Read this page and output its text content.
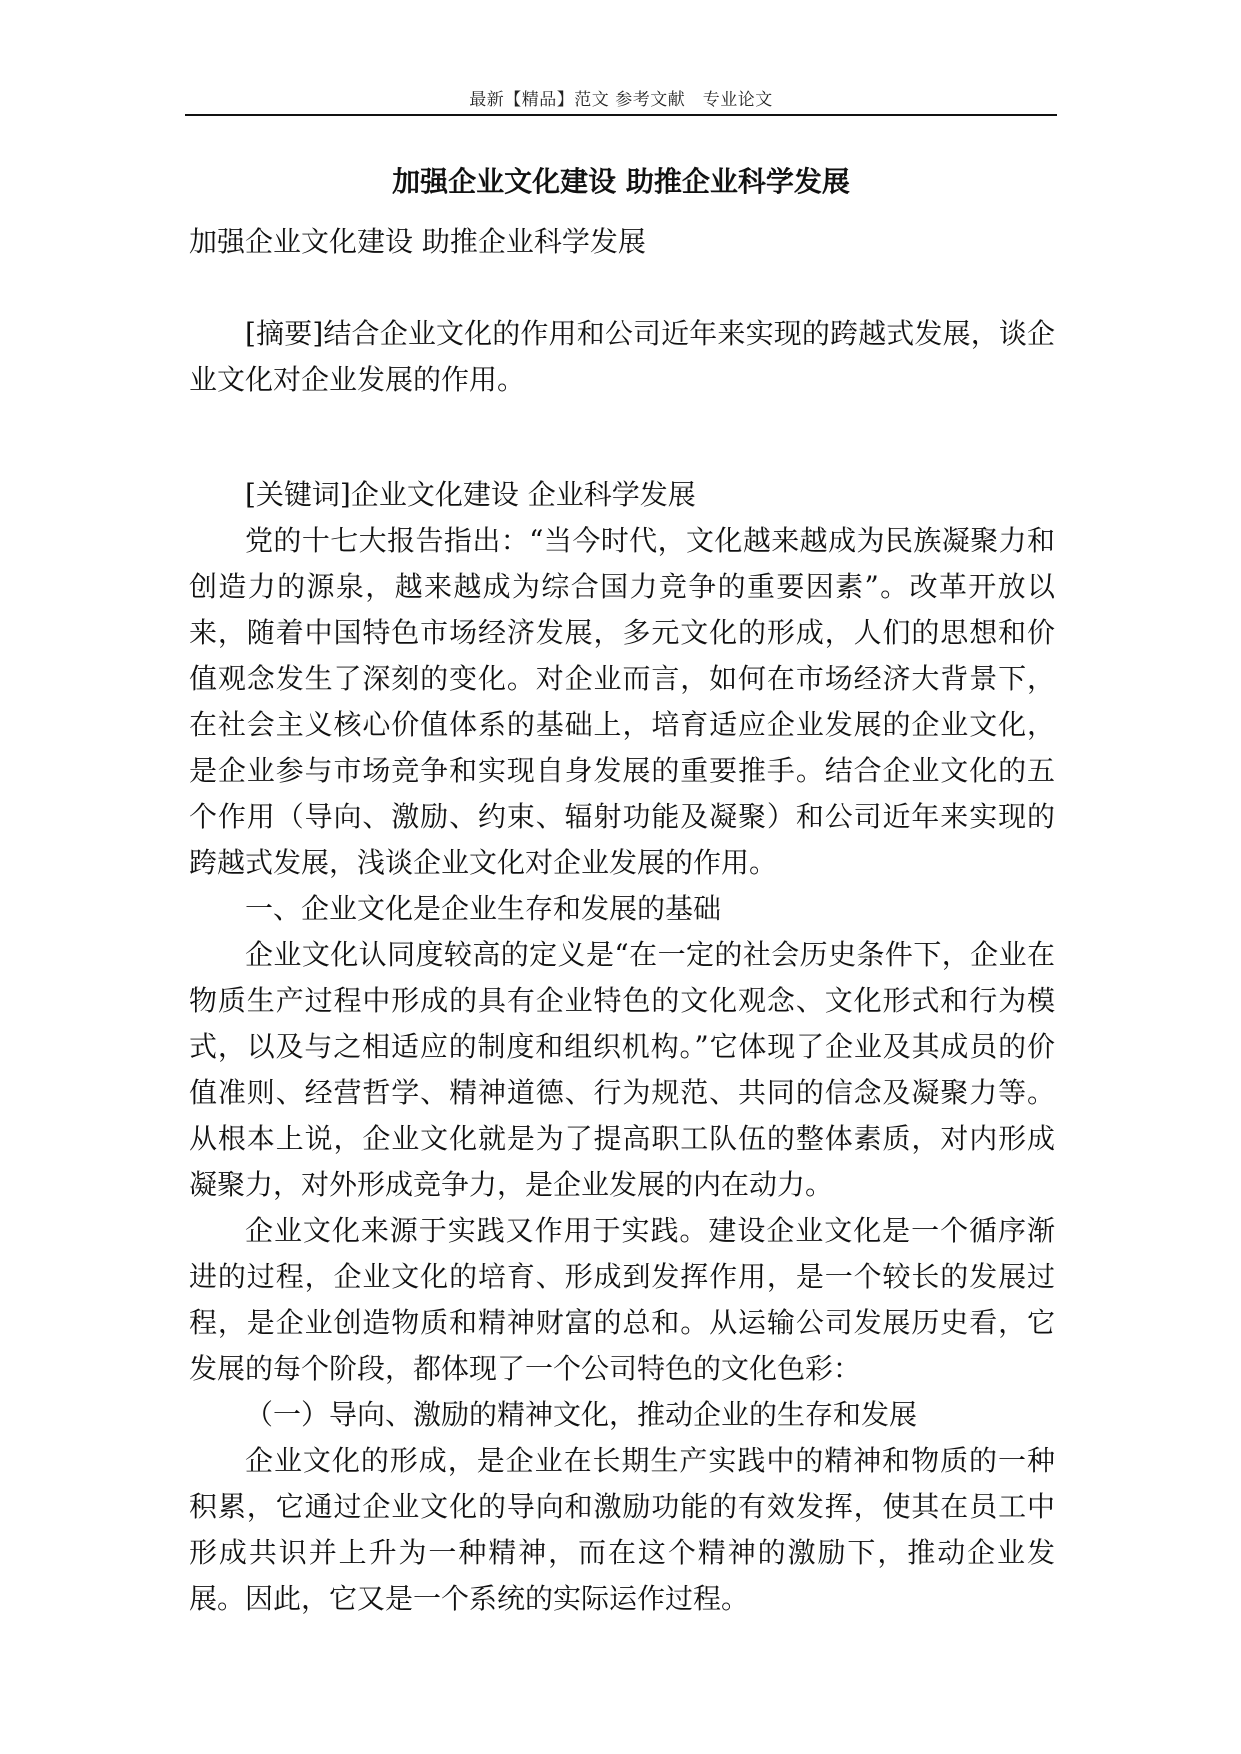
最新【精品】范文 参考文献　专业论文
加强企业文化建设 助推企业科学发展

加强企业文化建设 助推企业科学发展

[摘要]结合企业文化的作用和公司近年来实现的跨越式发展，谈企业文化对企业发展的作用。

[关键词]企业文化建设 企业科学发展

党的十七大报告指出：“当今时代，文化越来越成为民族凝聚力和创造力的源泉，越来越成为综合国力竞争的重要因素”。改革开放以来，随着中国特色市场经济发展，多元文化的形成，人们的思想和价值观念发生了深刻的变化。对企业而言，如何在市场经济大背景下，在社会主义核心价值体系的基础上，培育适应企业发展的企业文化，是企业参与市场竞争和实现自身发展的重要推手。结合企业文化的五个作用（导向、激励、约束、辐射功能及凝聚）和公司近年来实现的跨越式发展，浅谈企业文化对企业发展的作用。

一、企业文化是企业生存和发展的基础

企业文化认同度较高的定义是“在一定的社会历史条件下，企业在物质生产过程中形成的具有企业特色的文化观念、文化形式和行为模式，以及与之相适应的制度和组织机构。”它体现了企业及其成员的价值准则、经营哲学、精神道德、行为规范、共同的信念及凝聚力等。从根本上说，企业文化就是为了提高职工队伍的整体素质，对内形成凝聚力，对外形成竞争力，是企业发展的内在动力。

企业文化来源于实践又作用于实践。建设企业文化是一个循序渐进的过程，企业文化的培育、形成到发挥作用，是一个较长的发展过程，是企业创造物质和精神财富的总和。从运输公司发展历史看，它发展的每个阶段，都体现了一个公司特色的文化色彩：

（一）导向、激励的精神文化，推动企业的生存和发展

企业文化的形成，是企业在长期生产实践中的精神和物质的一种积累，它通过企业文化的导向和激励功能的有效发挥，使其在员工中形成共识并上升为一种精神，而在这个精神的激励下，推动企业发展。因此，它又是一个系统的实际运作过程。
